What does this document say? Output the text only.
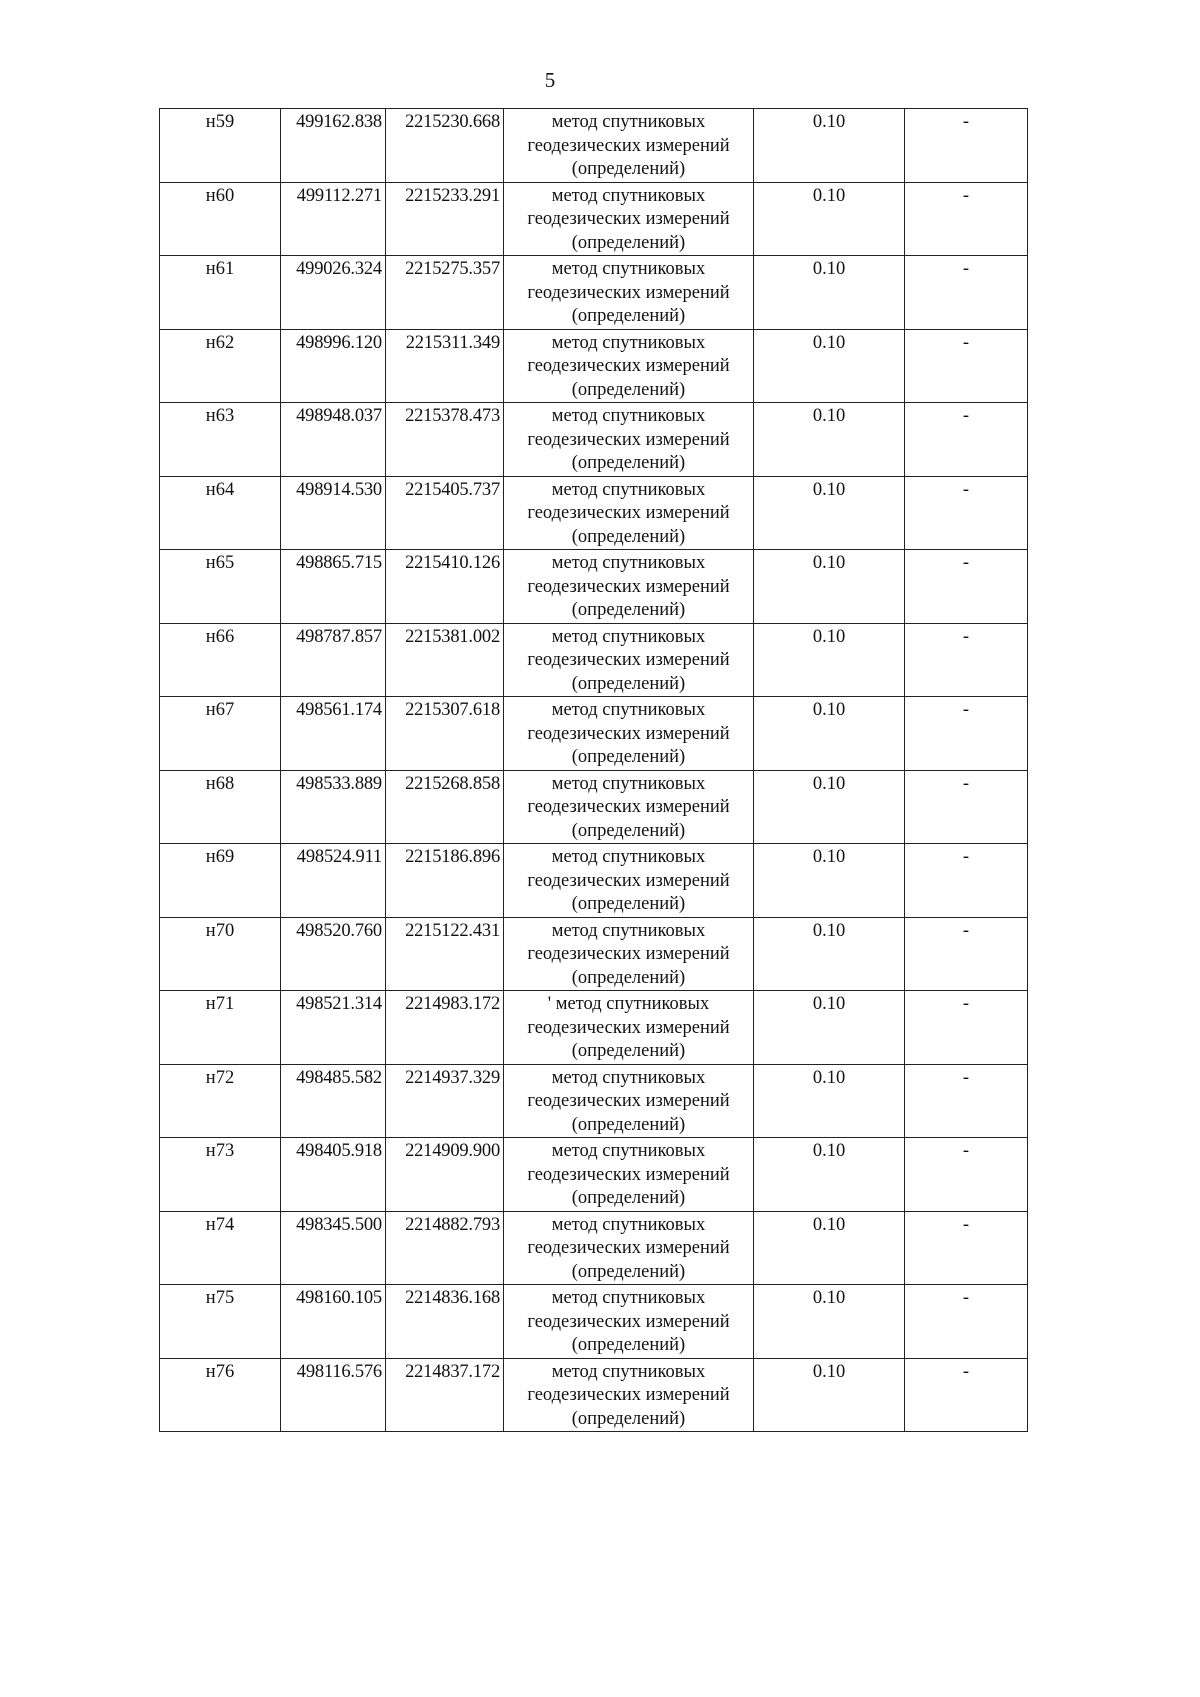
5
н59	499162.838	2215230.668	метод спутниковых
геодезических измерений
(определений)	0.10	-
н60	499112.271	2215233.291	метод спутниковых
геодезических измерений
(определений)	0.10	-
н61	499026.324	2215275.357	метод спутниковых
геодезических измерений
(определений)	0.10	-
н62	498996.120	2215311.349	метод спутниковых
геодезических измерений
(определений)	0.10	-
н63	498948.037	2215378.473	метод спутниковых
геодезических измерений
(определений)	0.10	-
н64	498914.530	2215405.737	метод спутниковых
геодезических измерений
(определений)	0.10	-
н65	498865.715	2215410.126	метод спутниковых
геодезических измерений
(определений)	0.10	-
н66	498787.857	2215381.002	метод спутниковых
геодезических измерений
(определений)	0.10	-
н67	498561.174	2215307.618	метод спутниковых
геодезических измерений
(определений)	0.10	-
н68	498533.889	2215268.858	метод спутниковых
геодезических измерений
(определений)	0.10	-
н69	498524.911	2215186.896	метод спутниковых
геодезических измерений
(определений)	0.10	-
н70	498520.760	2215122.431	метод спутниковых
геодезических измерений
(определений)	0.10	-
н71	498521.314	2214983.172	' метод спутниковых
геодезических измерений
(определений)	0.10	-
н72	498485.582	2214937.329	метод спутниковых
геодезических измерений
(определений)	0.10	-
н73	498405.918	2214909.900	метод спутниковых
геодезических измерений
(определений)	0.10	-
н74	498345.500	2214882.793	метод спутниковых
геодезических измерений
(определений)	0.10	-
н75	498160.105	2214836.168	метод спутниковых
геодезических измерений
(определений)	0.10	-
н76	498116.576	2214837.172	метод спутниковых
геодезических измерений
(определений)	0.10	-
